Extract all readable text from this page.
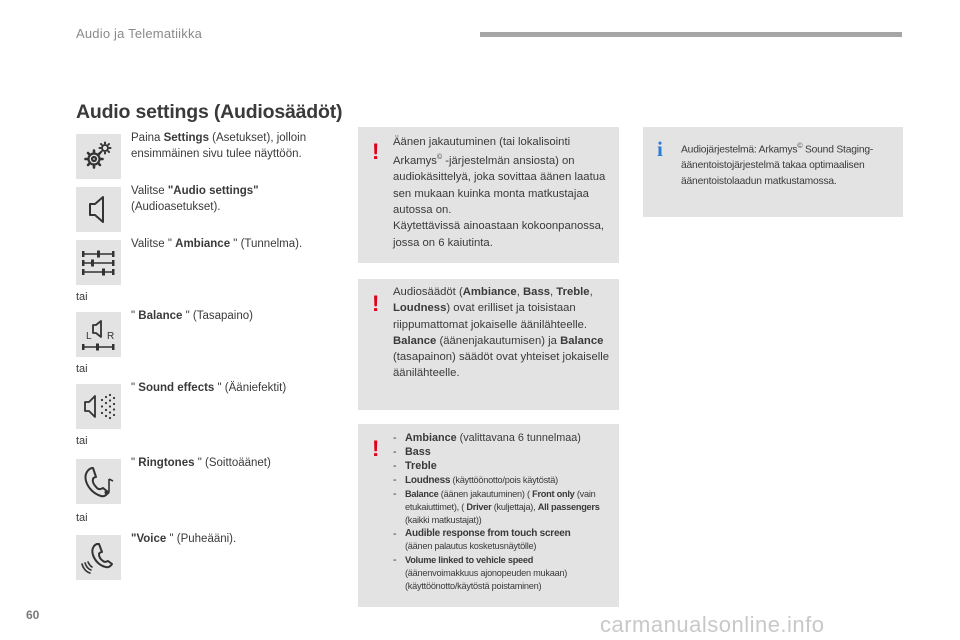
Audio ja Telematiikka
Audio settings (Audiosäädöt)
Paina Settings (Asetukset), jolloin ensimmäinen sivu tulee näyttöön.
Valitse "Audio settings" (Audioasetukset).
Valitse " Ambiance " (Tunnelma).
tai
L R
" Balance " (Tasapaino)
tai
" Sound effects " (Ääniefektit)
tai
" Ringtones " (Soittoäänet)
tai
"Voice " (Puheääni).
! Äänen jakautuminen (tai lokalisointi Arkamys© -järjestelmän ansiosta) on audiokäsittelyä, joka sovittaa äänen laatua sen mukaan kuinka monta matkustajaa autossa on.
Käytettävissä ainoastaan kokoonpanossa, jossa on 6 kaiutinta.
! Audiosäädöt (Ambiance, Bass, Treble, Loudness) ovat erilliset ja toisistaan riippumattomat jokaiselle äänilähteelle.
Balance (äänenjakautumisen) ja Balance (tasapainon) säädöt ovat yhteiset jokaiselle äänilähteelle.
! - Ambiance (valittavana 6 tunnelmaa)
- Bass
- Treble
- Loudness (käyttöönotto/pois käytöstä)
- Balance (äänen jakautuminen) ( Front only (vain etukaiuttimet), ( Driver (kuljettaja), All passengers (kaikki matkustajat))
- Audible response from touch screen
(äänen palautus kosketusnäytölle)
- Volume linked to vehicle speed
(äänenvoimakkuus ajonopeuden mukaan) (käyttöönotto/käytöstä poistaminen)
i Audiojärjestelmä: Arkamys© Sound Staging-äänentoistojärjestelmä takaa optimaalisen äänentoistolaadun matkustamossa.
60	carmanualsonline.info
